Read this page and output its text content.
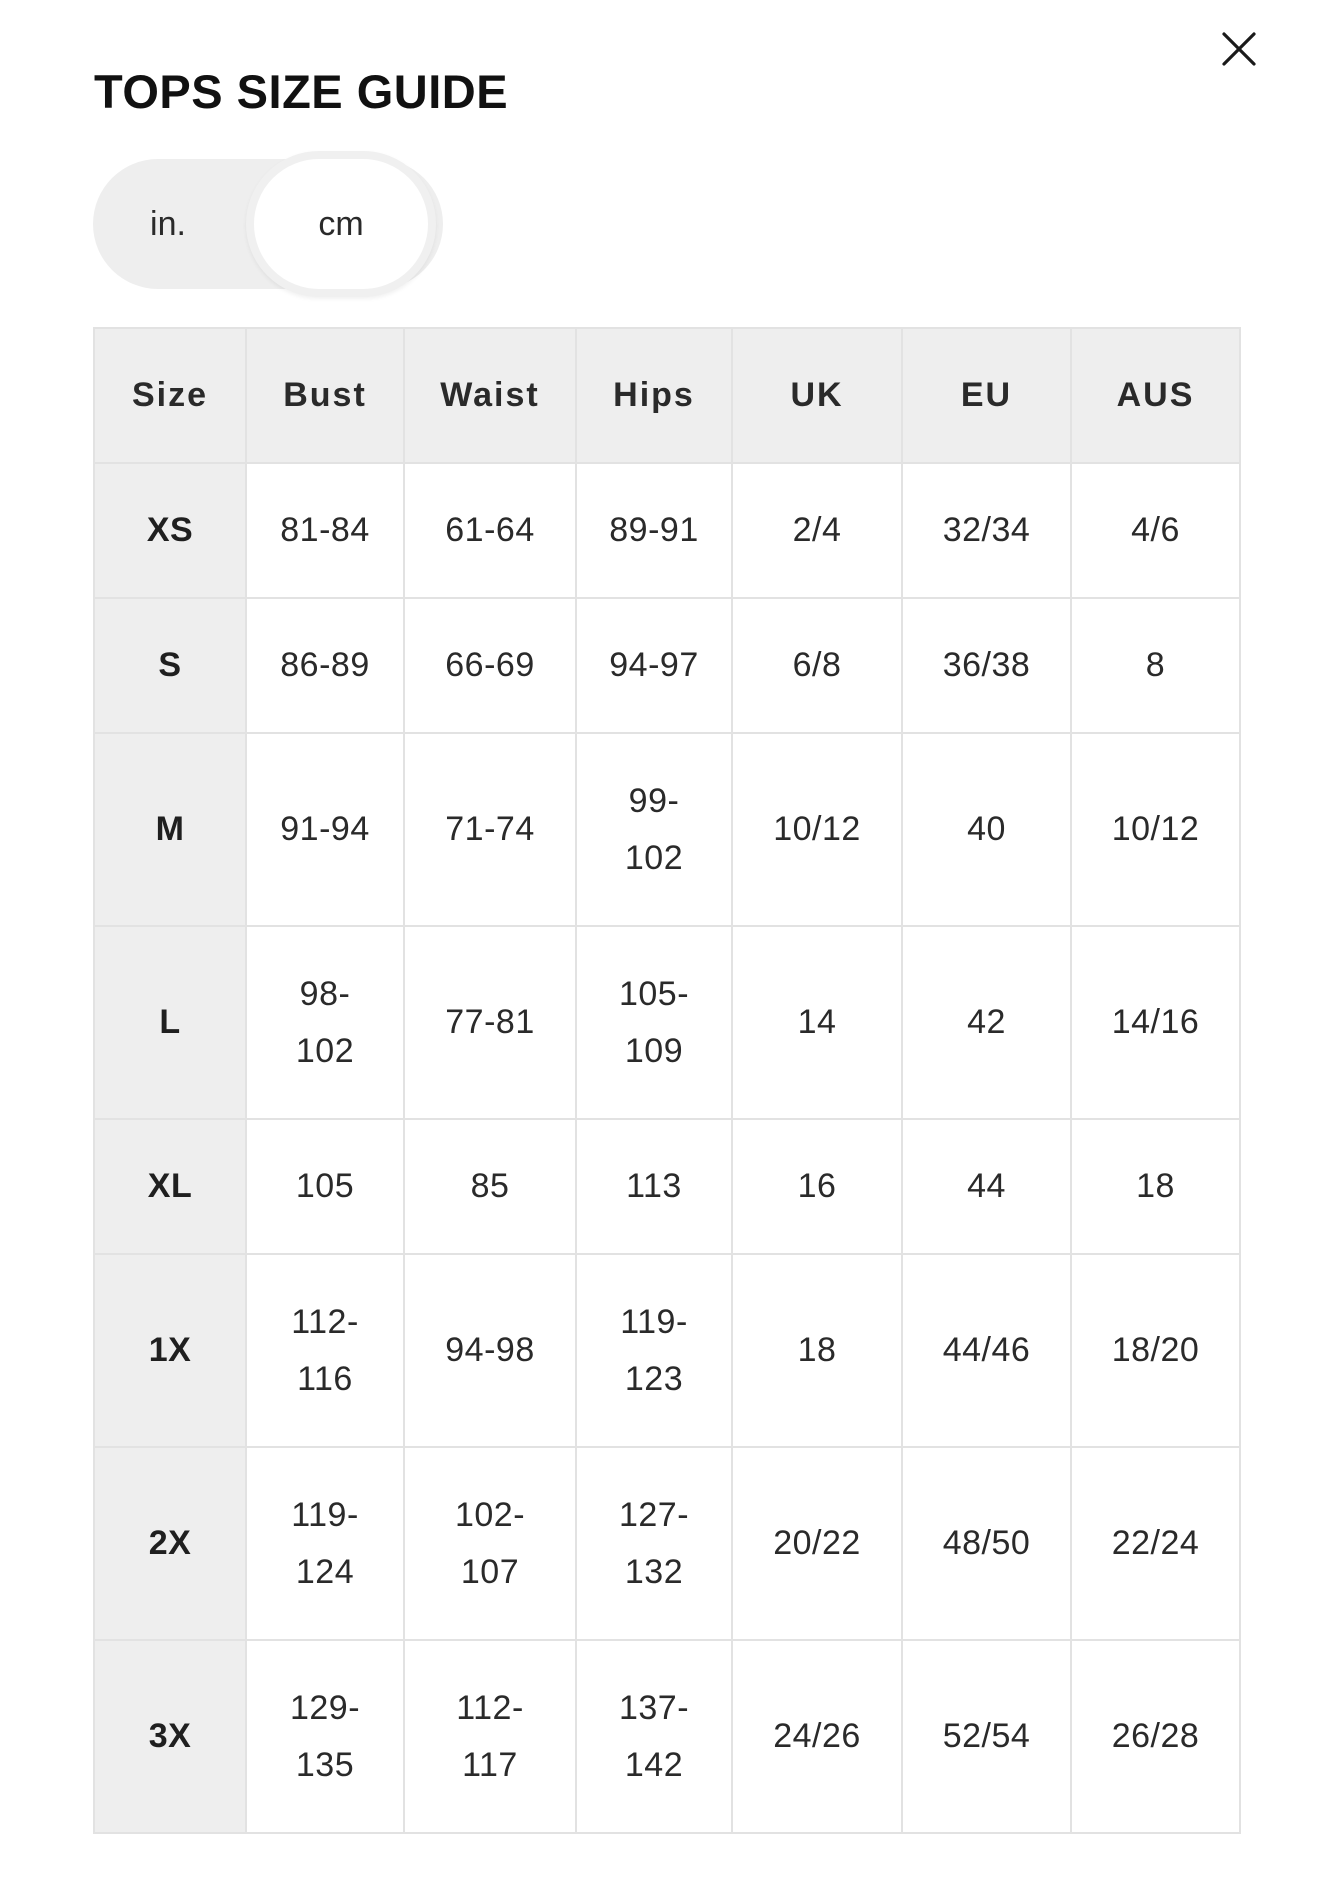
TOPS SIZE GUIDE
in.	cm
Size	Bust	Waist	Hips	UK	EU	AUS
XS	81-84	61-64	89-91	2/4	32/34	4/6
S	86-89	66-69	94-97	6/8	36/38	8
M	91-94	71-74	99-102	10/12	40	10/12
L	98-102	77-81	105-109	14	42	14/16
XL	105	85	113	16	44	18
1X	112-116	94-98	119-123	18	44/46	18/20
2X	119-124	102-107	127-132	20/22	48/50	22/24
3X	129-135	112-117	137-142	24/26	52/54	26/28
